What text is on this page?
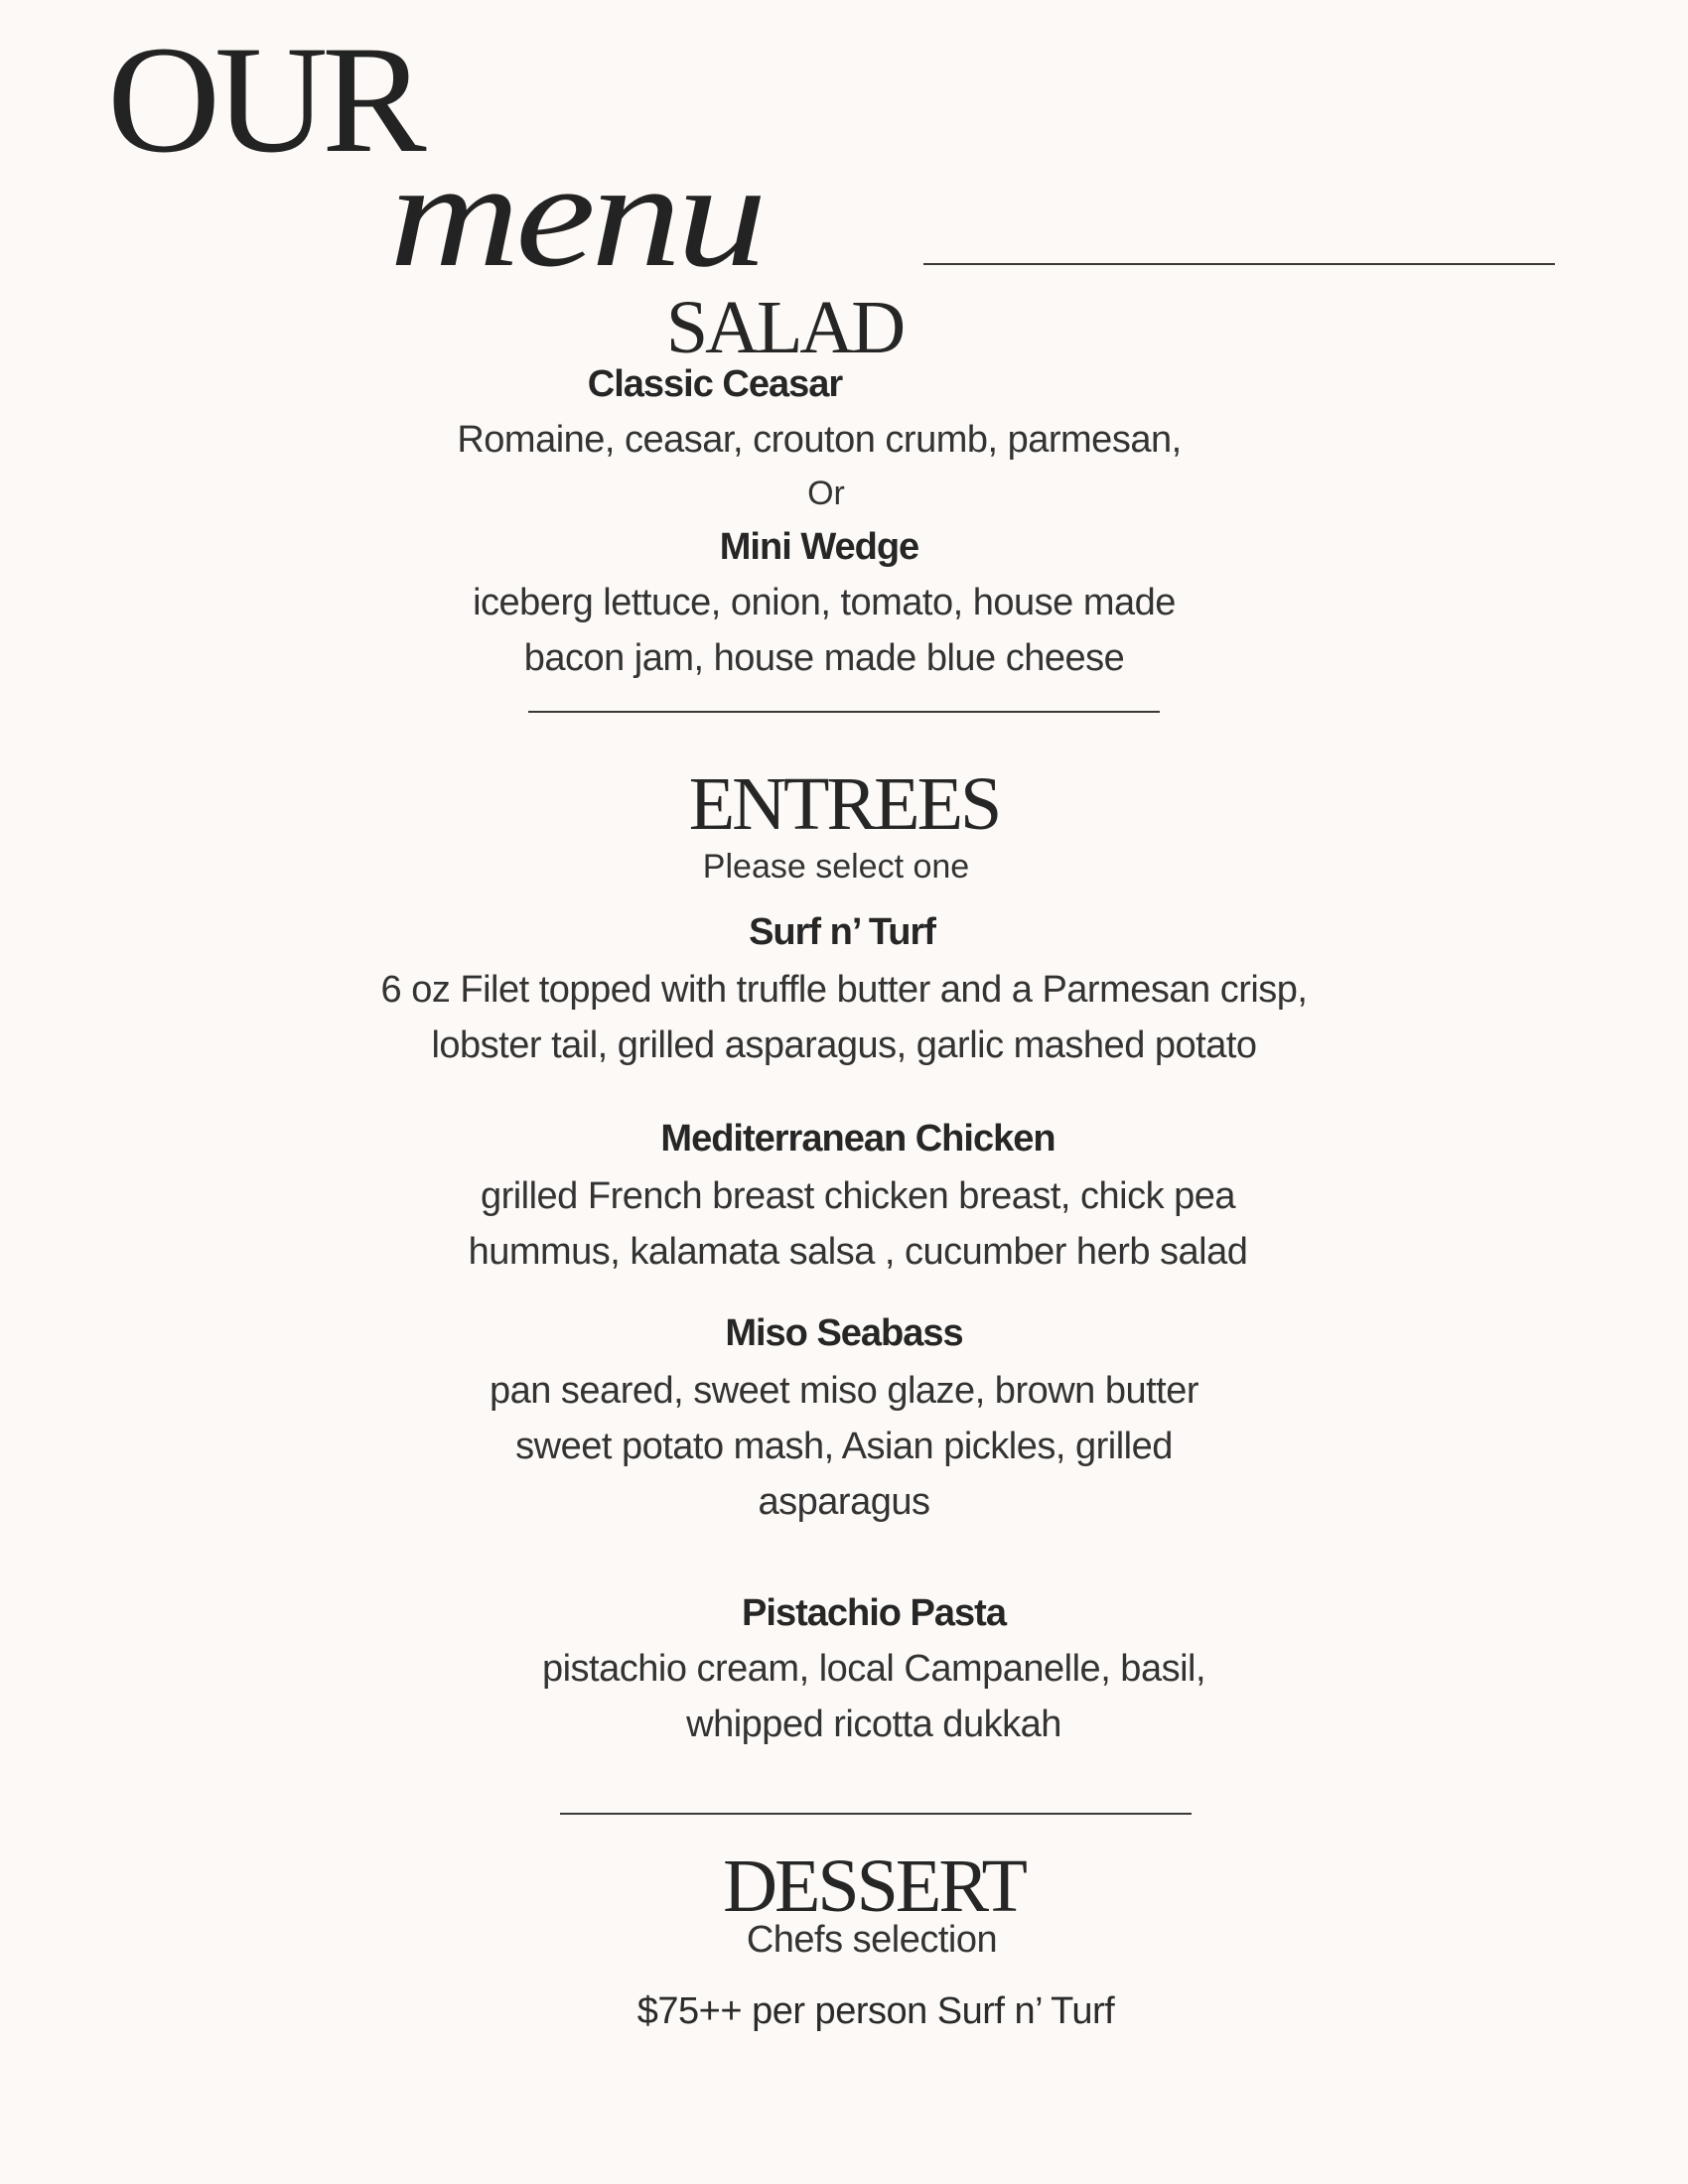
OUR
menu
SALAD
Classic Ceasar
Romaine, ceasar, crouton crumb, parmesan,
Or
Mini Wedge
iceberg lettuce, onion, tomato, house made
bacon jam, house made blue cheese
ENTREES
Please select one
Surf n’ Turf
6 oz Filet topped with truffle butter and a Parmesan crisp,
lobster tail, grilled asparagus, garlic mashed potato
Mediterranean Chicken
grilled French breast chicken breast, chick pea
hummus, kalamata salsa , cucumber herb salad
Miso Seabass
pan seared, sweet miso glaze, brown butter
sweet potato mash, Asian pickles, grilled
asparagus
Pistachio Pasta
pistachio cream, local Campanelle, basil,
whipped ricotta dukkah
DESSERT
Chefs selection
$75++ per person Surf n’ Turf
